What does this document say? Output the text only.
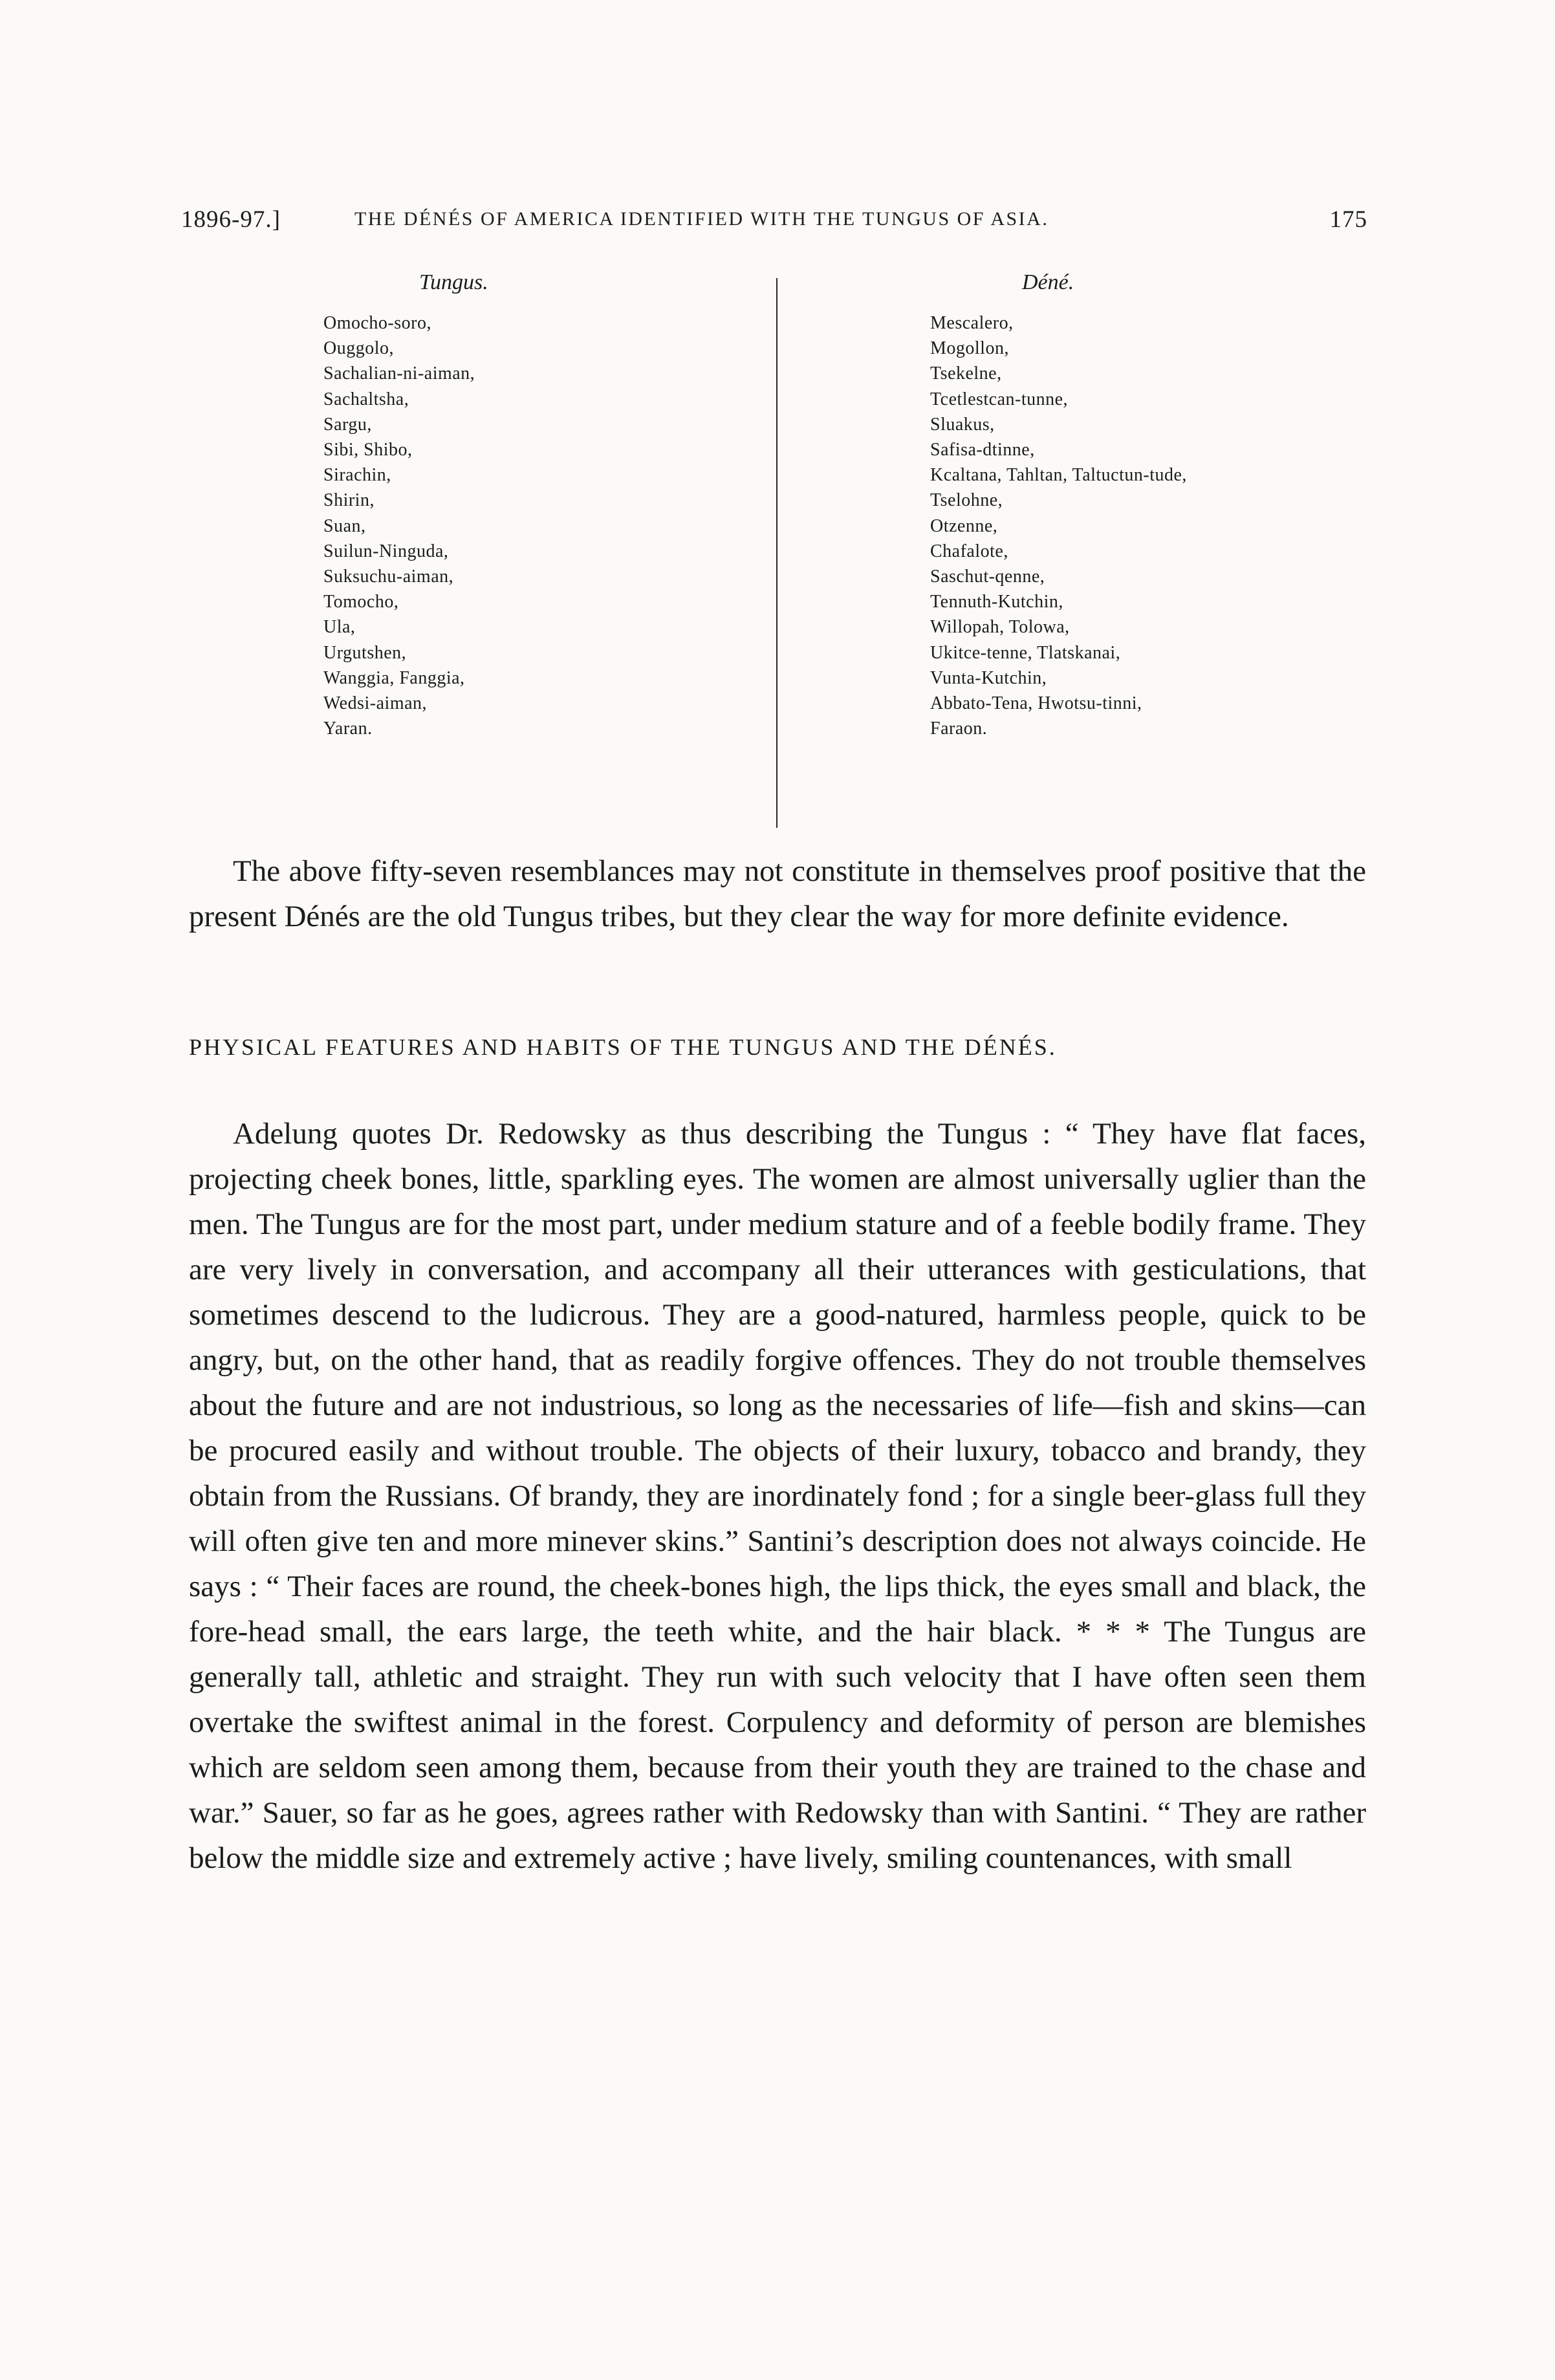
1896-97.]	THE DÉNÉS OF AMERICA IDENTIFIED WITH THE TUNGUS OF ASIA.	175
Tungus.
Omocho-soro,
Ouggolo,
Sachalian-ni-aiman,
Sachaltsha,
Sargu,
Sibi, Shibo,
Sirachin,
Shirin,
Suan,
Suilun-Ninguda,
Suksuchu-aiman,
Tomocho,
Ula,
Urgutshen,
Wanggia, Fanggia,
Wedsi-aiman,
Yaran.
Déné.
Mescalero,
Mogollon,
Tsekelne,
Tcetlestcan-tunne,
Sluakus,
Safisa-dtinne,
Kcaltana, Tahltan, Taltuctun-tude,
Tselohne,
Otzenne,
Chafalote,
Saschut-qenne,
Tennuth-Kutchin,
Willopah, Tolowa,
Ukitce-tenne, Tlatskanai,
Vunta-Kutchin,
Abbato-Tena, Hwotsu-tinni,
Faraon.

The above fifty-seven resemblances may not constitute in themselves proof positive that the present Dénés are the old Tungus tribes, but they clear the way for more definite evidence.

PHYSICAL FEATURES AND HABITS OF THE TUNGUS AND THE DÉNÉS.

Adelung quotes Dr. Redowsky as thus describing the Tungus : “ They have flat faces, projecting cheek bones, little, sparkling eyes. The women are almost universally uglier than the men. The Tungus are for the most part, under medium stature and of a feeble bodily frame. They are very lively in conversation, and accompany all their utterances with gesticulations, that sometimes descend to the ludicrous. They are a good-natured, harmless people, quick to be angry, but, on the other hand, that as readily forgive offences. They do not trouble themselves about the future and are not industrious, so long as the necessaries of life—fish and skins—can be procured easily and without trouble. The objects of their luxury, tobacco and brandy, they obtain from the Russians. Of brandy, they are inordinately fond ; for a single beer-glass full they will often give ten and more minever skins.” Santini’s description does not always coincide. He says : “ Their faces are round, the cheek-bones high, the lips thick, the eyes small and black, the fore-head small, the ears large, the teeth white, and the hair black. * * * The Tungus are generally tall, athletic and straight. They run with such velocity that I have often seen them overtake the swiftest animal in the forest. Corpulency and deformity of person are blemishes which are seldom seen among them, because from their youth they are trained to the chase and war.” Sauer, so far as he goes, agrees rather with Redowsky than with Santini. “ They are rather below the middle size and extremely active ; have lively, smiling countenances, with small
